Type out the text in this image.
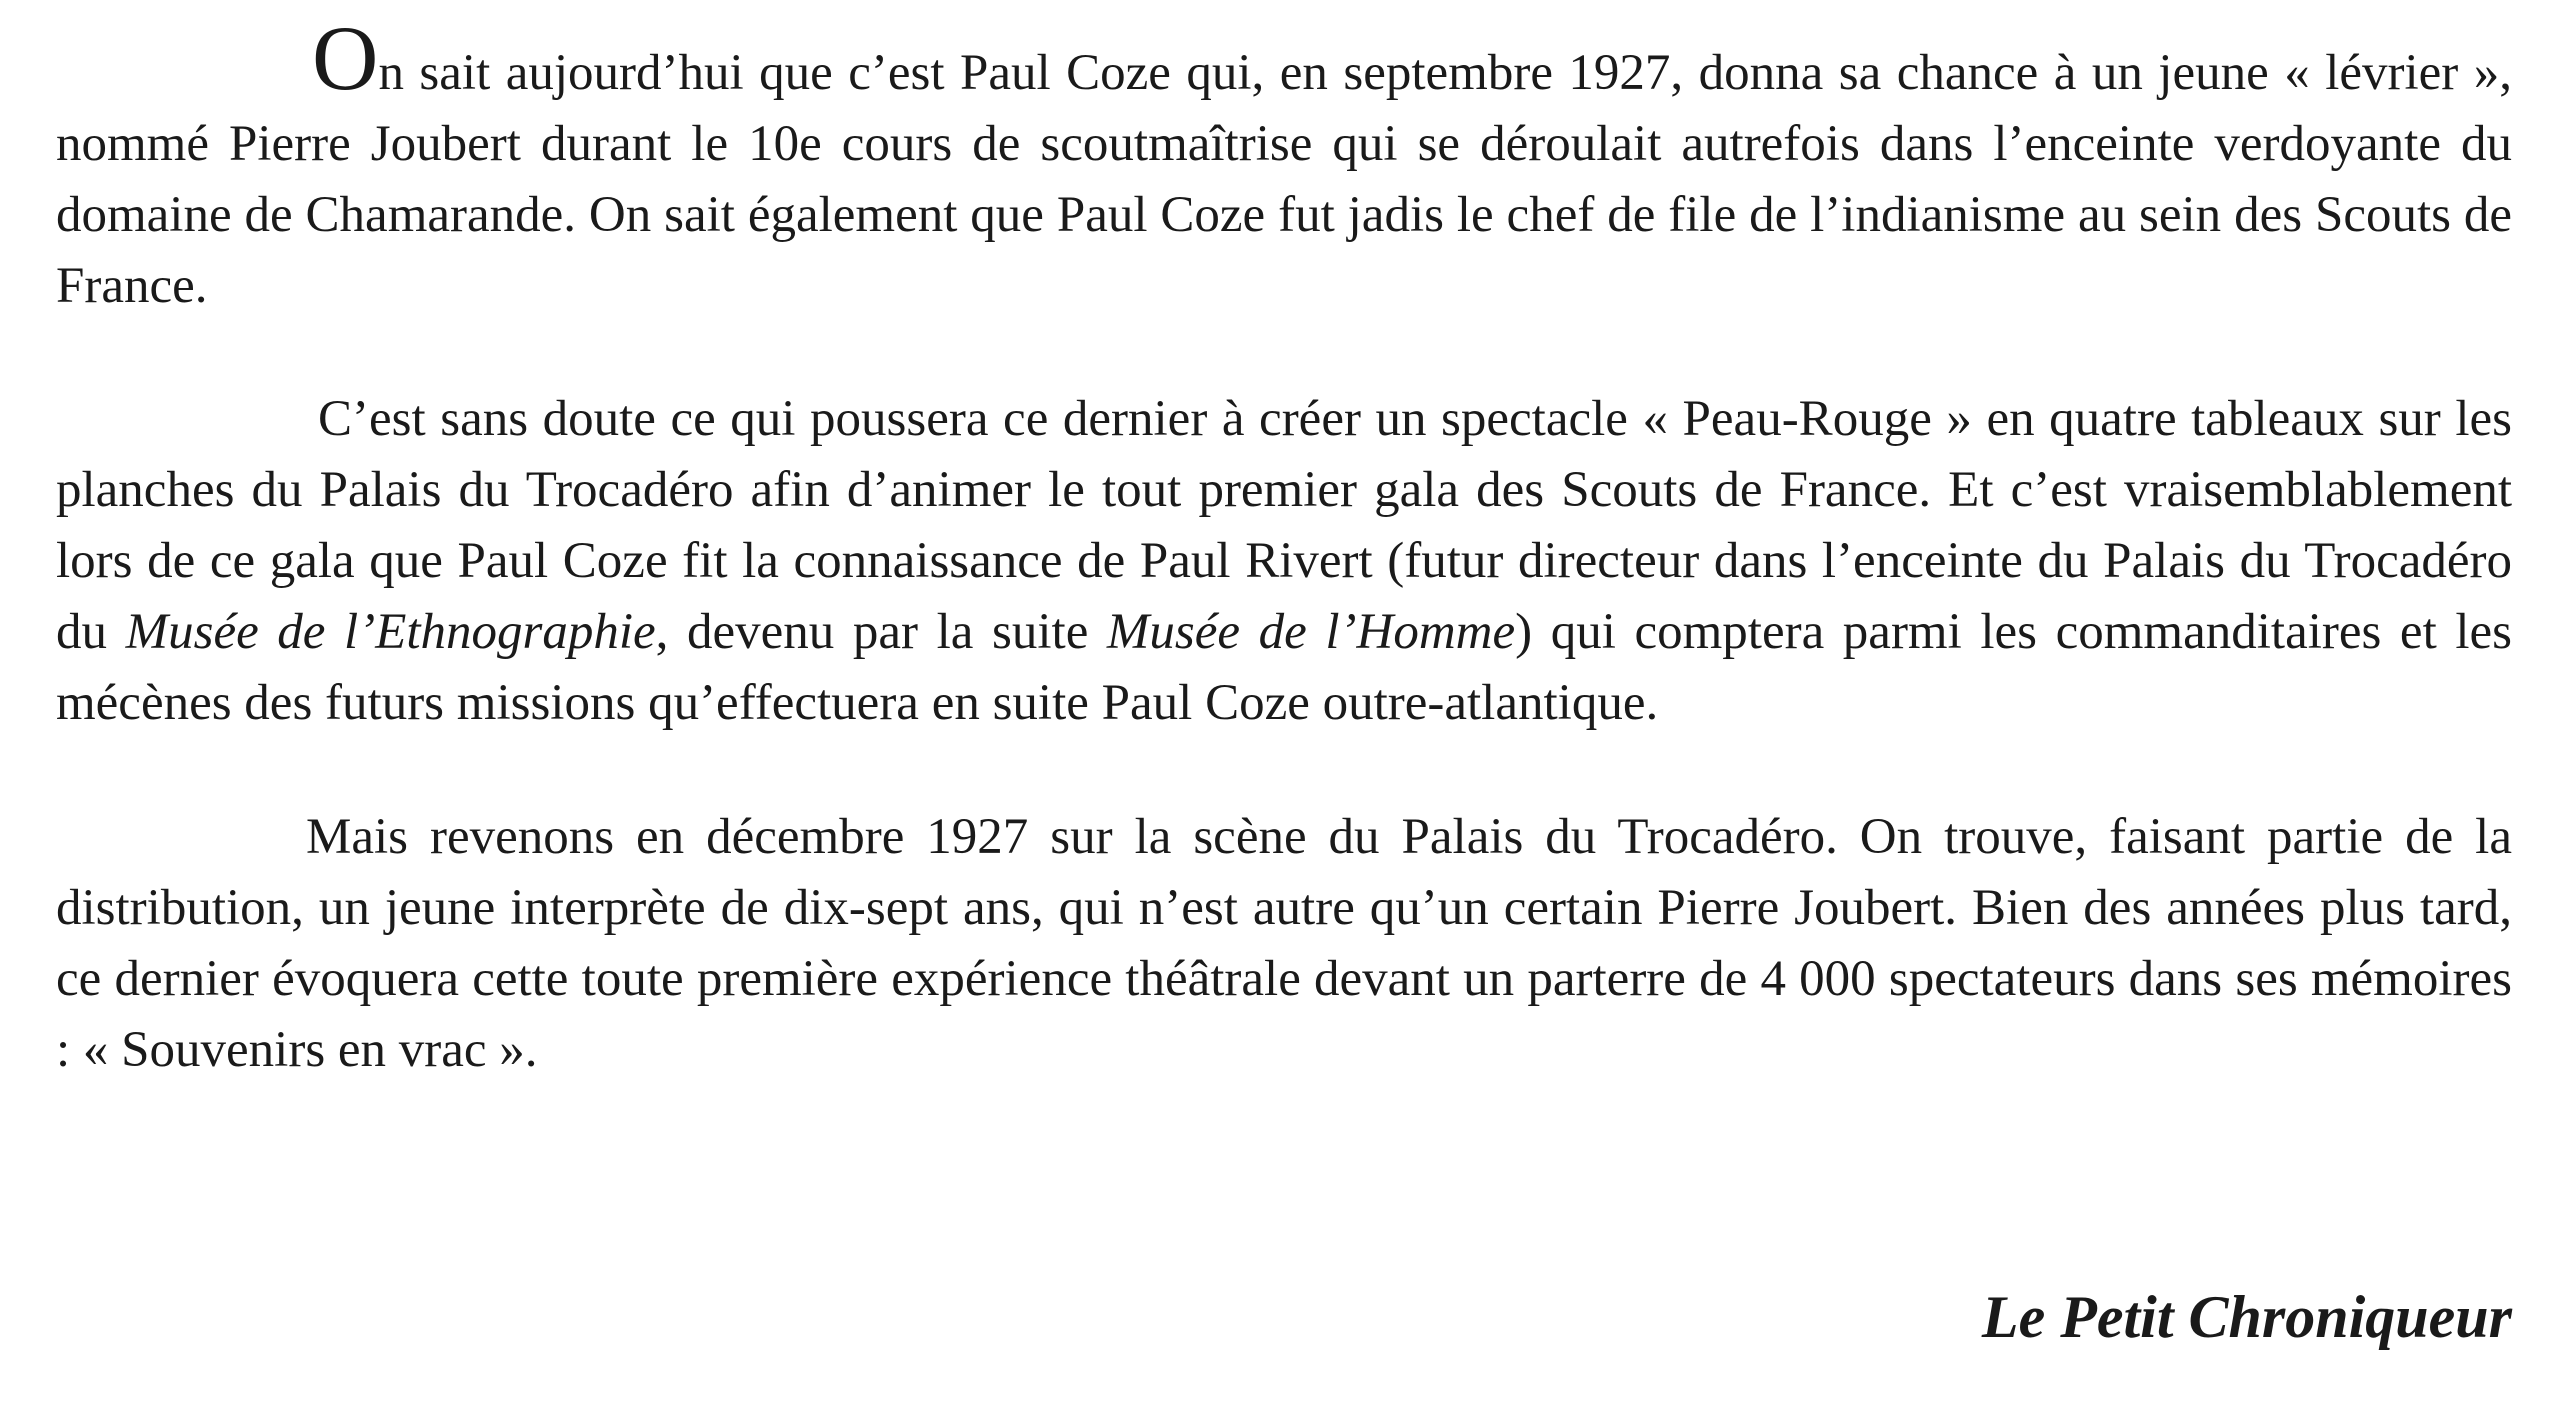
On sait aujourd’hui que c’est Paul Coze qui, en septembre 1927, donna sa chance à un jeune « lévrier », nommé Pierre Joubert durant le 10e cours de scoutmaîtrise qui se déroulait autrefois dans l’enceinte verdoyante du domaine de Chamarande. On sait également que Paul Coze fut jadis le chef de file de l’indianisme au sein des Scouts de France.

C’est sans doute ce qui poussera ce dernier à créer un spectacle « Peau-Rouge » en quatre tableaux sur les planches du Palais du Trocadéro afin d’animer le tout premier gala des Scouts de France. Et c’est vraisemblablement lors de ce gala que Paul Coze fit la connaissance de Paul Rivert (futur directeur dans l’enceinte du Palais du Trocadéro du Musée de l’Ethnographie, devenu par la suite Musée de l’Homme) qui comptera parmi les commanditaires et les mécènes des futurs missions qu’effectuera en suite Paul Coze outre-atlantique.

Mais revenons en décembre 1927 sur la scène du Palais du Trocadéro. On trouve, faisant partie de la distribution, un jeune interprète de dix-sept ans, qui n’est autre qu’un certain Pierre Joubert. Bien des années plus tard, ce dernier évoquera cette toute première expérience théâtrale devant un parterre de 4 000 spectateurs dans ses mémoires : « Souvenirs en vrac ».

Le Petit Chroniqueur
